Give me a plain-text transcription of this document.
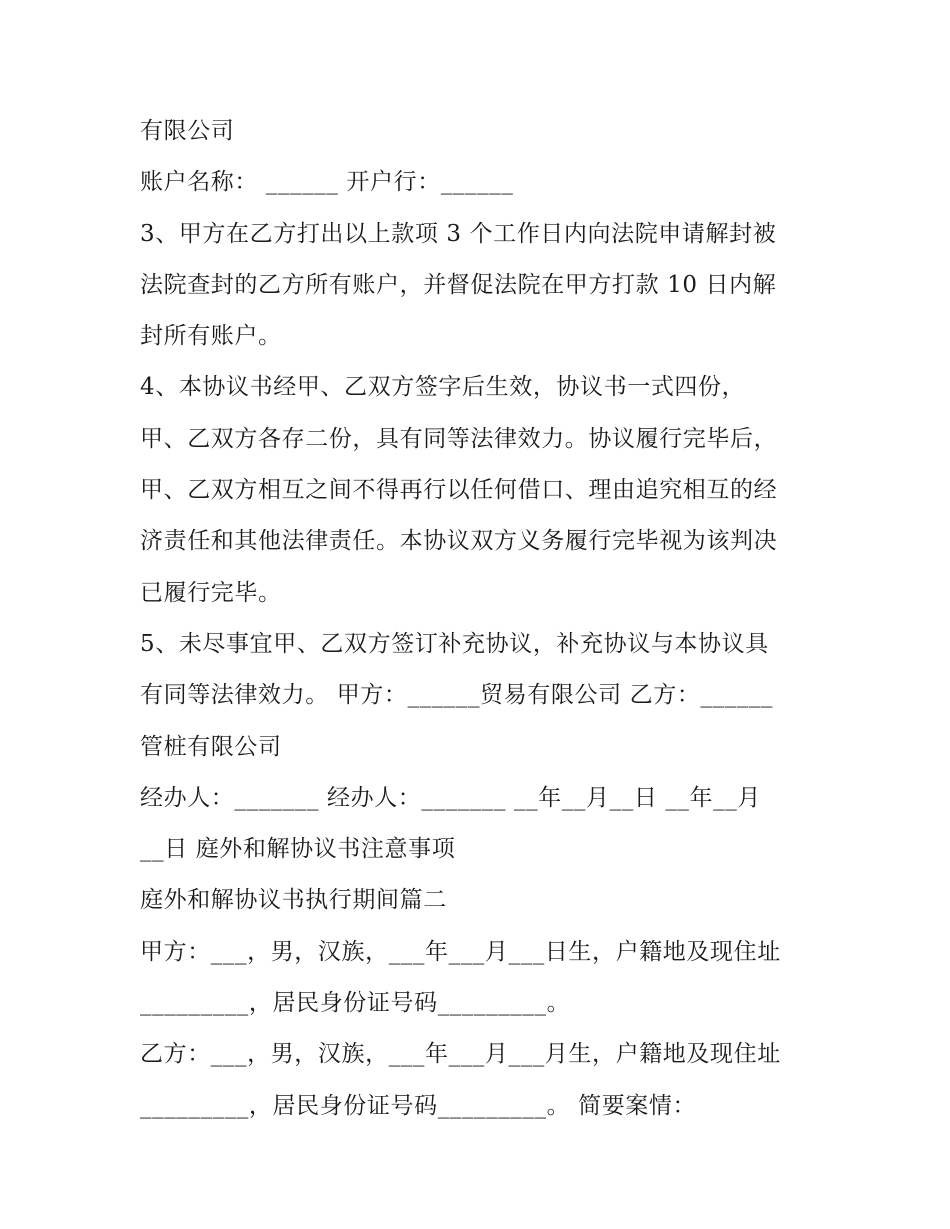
有限公司
账户名称： ______ 开户行：______
3、甲方在乙方打出以上款项 3 个工作日内向法院申请解封被
法院查封的乙方所有账户，并督促法院在甲方打款 10 日内解
封所有账户。
4、本协议书经甲、乙双方签字后生效，协议书一式四份，
甲、乙双方各存二份，具有同等法律效力。协议履行完毕后，
甲、乙双方相互之间不得再行以任何借口、理由追究相互的经
济责任和其他法律责任。本协议双方义务履行完毕视为该判决
已履行完毕。
5、未尽事宜甲、乙双方签订补充协议，补充协议与本协议具
有同等法律效力。 甲方：______贸易有限公司 乙方：______
管桩有限公司
经办人：_______ 经办人：_______ __年__月__日 __年__月
__日 庭外和解协议书注意事项
庭外和解协议书执行期间篇二
甲方：___，男，汉族，___年___月___日生，户籍地及现住址
_________，居民身份证号码_________。
乙方：___，男，汉族，___年___月___月生，户籍地及现住址
_________，居民身份证号码_________。 简要案情：
